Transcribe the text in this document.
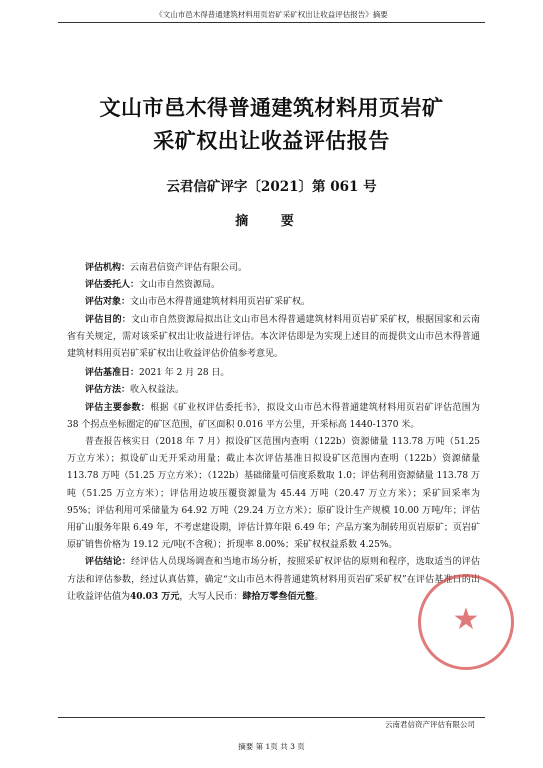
《文山市邑木得普通建筑材料用页岩矿采矿权出让收益评估报告》摘要
文山市邑木得普通建筑材料用页岩矿
采矿权出让收益评估报告
云君信矿评字〔2021〕第 061 号
摘 要

评估机构：云南君信资产评估有限公司。

评估委托人：文山市自然资源局。

评估对象：文山市邑木得普通建筑材料用页岩矿采矿权。

评估目的：文山市自然资源局拟出让文山市邑木得普通建筑材料用页岩矿采矿权，根据国家和云南省有关规定，需对该采矿权出让收益进行评估。本次评估即是为实现上述目的而提供文山市邑木得普通建筑材料用页岩矿采矿权出让收益评估价值参考意见。

评估基准日：2021 年 2 月 28 日。

评估方法：收入权益法。

评估主要参数：根据《矿业权评估委托书》，拟设文山市邑木得普通建筑材料用页岩矿评估范围为 38 个拐点坐标圈定的矿区范围，矿区面积 0.016 平方公里，开采标高 1440-1370 米。

普查报告核实日（2018 年 7 月）拟设矿区范围内查明（122b）资源储量 113.78 万吨（51.25 万立方米）；拟设矿山无开采动用量；截止本次评估基准日拟设矿区范围内查明（122b）资源储量 113.78 万吨（51.25 万立方米）；（122b）基础储量可信度系数取 1.0；评估利用资源储量 113.78 万吨（51.25 万立方米）；评估用边坡压覆资源量为 45.44 万吨（20.47 万立方米）；采矿回采率为 95%；评估利用可采储量为 64.92 万吨（29.24 万立方米）；原矿设计生产规模 10.00 万吨/年；评估用矿山服务年限 6.49 年，不考虑建设期，评估计算年限 6.49 年；产品方案为制砖用页岩原矿；页岩矿原矿销售价格为 19.12 元/吨(不含税）；折现率 8.00%；采矿权权益系数 4.25%。

评估结论：经评估人员现场调查和当地市场分析，按照采矿权评估的原则和程序，选取适当的评估方法和评估参数，经过认真估算，确定“文山市邑木得普通建筑材料用页岩矿采矿权”在评估基准日的出让收益评估值为40.03 万元，大写人民币：肆拾万零叁佰元整。

★
云南君信资产评估有限公司
摘要 第 1页 共 3 页
